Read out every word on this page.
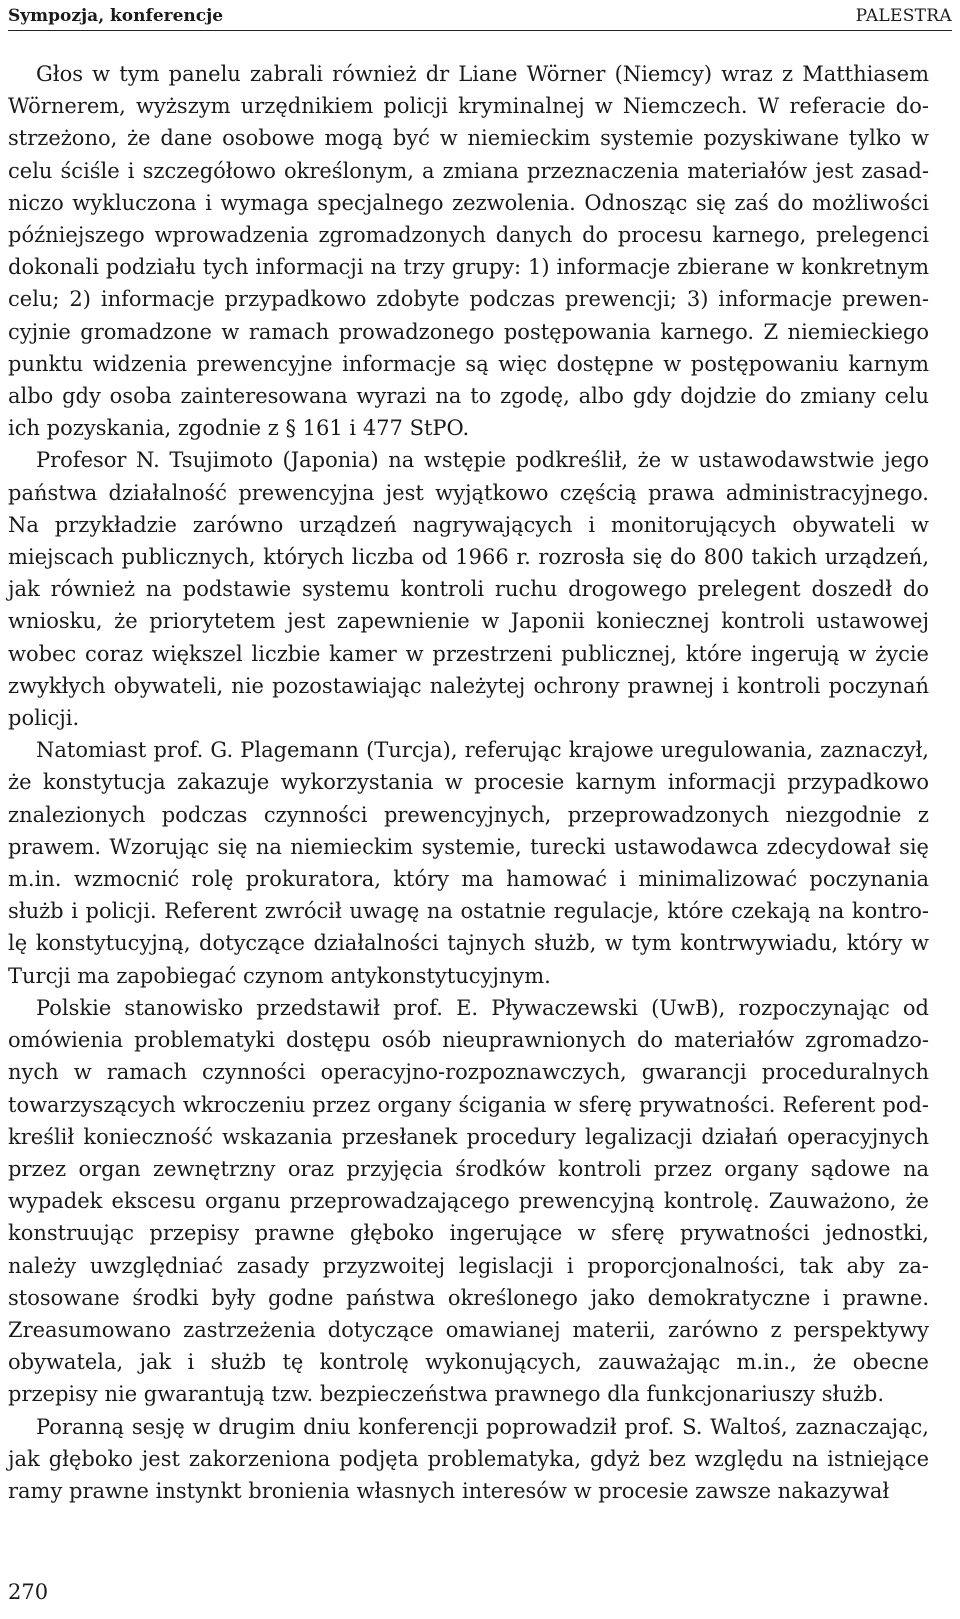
Sympozja, konferencje	PALESTRA

Głos w tym panelu zabrali również dr Liane Wörner (Niemcy) wraz z Matthiasem Wörnerem, wyższym urzędnikiem policji kryminalnej w Niemczech. W referacie dostrzeżono, że dane osobowe mogą być w niemieckim systemie pozyskiwane tylko w celu ściśle i szczegółowo określonym, a zmiana przeznaczenia materiałów jest zasadniczo wykluczona i wymaga specjalnego zezwolenia. Odnosząc się zaś do możliwości późniejszego wprowadzenia zgromadzonych danych do procesu karnego, prelegenci dokonali podziału tych informacji na trzy grupy: 1) informacje zbierane w konkretnym celu; 2) informacje przypadkowo zdobyte podczas prewencji; 3) informacje prewencyjnie gromadzone w ramach prowadzonego postępowania karnego. Z niemieckiego punktu widzenia prewencyjne informacje są więc dostępne w postępowaniu karnym albo gdy osoba zainteresowana wyrazi na to zgodę, albo gdy dojdzie do zmiany celu ich pozyskania, zgodnie z § 161 i 477 StPO.

Profesor N. Tsujimoto (Japonia) na wstępie podkreślił, że w ustawodawstwie jego państwa działalność prewencyjna jest wyjątkowo częścią prawa administracyjnego. Na przykładzie zarówno urządzeń nagrywających i monitorujących obywateli w miejscach publicznych, których liczba od 1966 r. rozrosła się do 800 takich urządzeń, jak również na podstawie systemu kontroli ruchu drogowego prelegent doszedł do wniosku, że priorytetem jest zapewnienie w Japonii koniecznej kontroli ustawowej wobec coraz większel liczbie kamer w przestrzeni publicznej, które ingerują w życie zwykłych obywateli, nie pozostawiając należytej ochrony prawnej i kontroli poczynań policji.

Natomiast prof. G. Plagemann (Turcja), referując krajowe uregulowania, zaznaczył, że konstytucja zakazuje wykorzystania w procesie karnym informacji przypadkowo znalezionych podczas czynności prewencyjnych, przeprowadzonych niezgodnie z prawem. Wzorując się na niemieckim systemie, turecki ustawodawca zdecydował się m.in. wzmocnić rolę prokuratora, który ma hamować i minimalizować poczynania służb i policji. Referent zwrócił uwagę na ostatnie regulacje, które czekają na kontrolę konstytucyjną, dotyczące działalności tajnych służb, w tym kontrwywiadu, który w Turcji ma zapobiegać czynom antykonstytucyjnym.

Polskie stanowisko przedstawił prof. E. Pływaczewski (UwB), rozpoczynając od omówienia problematyki dostępu osób nieuprawnionych do materiałów zgromadzonych w ramach czynności operacyjno-rozpoznawczych, gwarancji proceduralnych towarzyszących wkroczeniu przez organy ścigania w sferę prywatności. Referent podkreślił konieczność wskazania przesłanek procedury legalizacji działań operacyjnych przez organ zewnętrzny oraz przyjęcia środków kontroli przez organy sądowe na wypadek ekscesu organu przeprowadzającego prewencyjną kontrolę. Zauważono, że konstruując przepisy prawne głęboko ingerujące w sferę prywatności jednostki, należy uwzględniać zasady przyzwoitej legislacji i proporcjonalności, tak aby zastosowane środki były godne państwa określonego jako demokratyczne i prawne. Zreasumowano zastrzeżenia dotyczące omawianej materii, zarówno z perspektywy obywatela, jak i służb tę kontrolę wykonujących, zauważając m.in., że obecne przepisy nie gwarantują tzw. bezpieczeństwa prawnego dla funkcjonariuszy służb.

Poranną sesję w drugim dniu konferencji poprowadził prof. S. Waltoś, zaznaczając, jak głęboko jest zakorzeniona podjęta problematyka, gdyż bez względu na istniejące ramy prawne instynkt bronienia własnych interesów w procesie zawsze nakazywał

270
